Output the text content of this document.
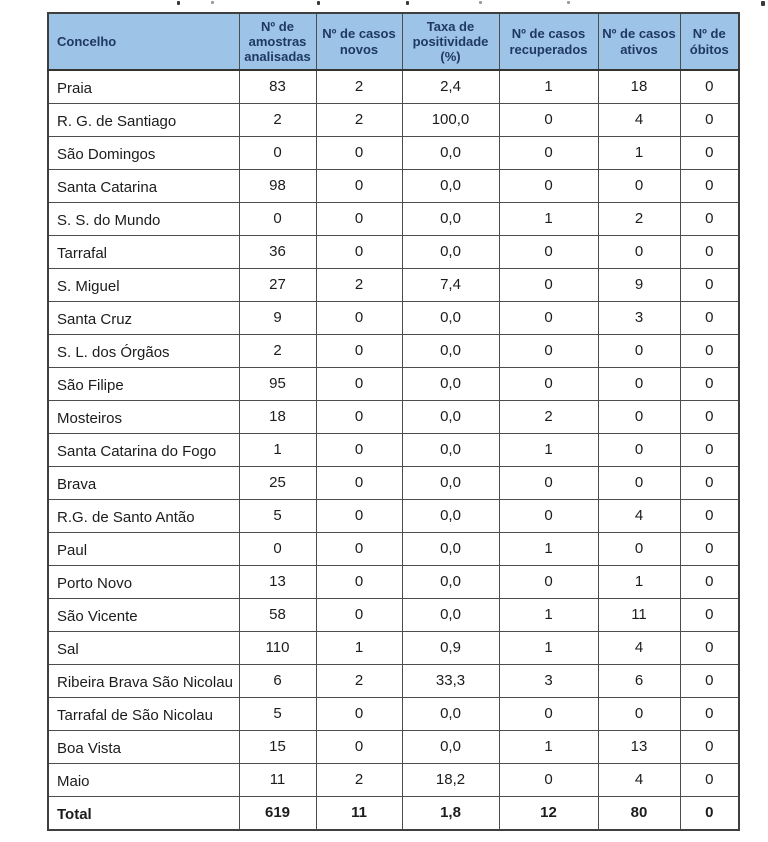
Concelho	Nº de amostras analisadas	Nº de casos novos	Taxa de positividade (%)	Nº de casos recuperados	Nº de casos ativos	Nº de óbitos
Praia	83	2	2,4	1	18	0
R. G. de Santiago	2	2	100,0	0	4	0
São Domingos	0	0	0,0	0	1	0
Santa Catarina	98	0	0,0	0	0	0
S. S. do Mundo	0	0	0,0	1	2	0
Tarrafal	36	0	0,0	0	0	0
S. Miguel	27	2	7,4	0	9	0
Santa Cruz	9	0	0,0	0	3	0
S. L. dos Órgãos	2	0	0,0	0	0	0
São Filipe	95	0	0,0	0	0	0
Mosteiros	18	0	0,0	2	0	0
Santa Catarina do Fogo	1	0	0,0	1	0	0
Brava	25	0	0,0	0	0	0
R.G. de Santo Antão	5	0	0,0	0	4	0
Paul	0	0	0,0	1	0	0
Porto Novo	13	0	0,0	0	1	0
São Vicente	58	0	0,0	1	11	0
Sal	110	1	0,9	1	4	0
Ribeira Brava São Nicolau	6	2	33,3	3	6	0
Tarrafal de São Nicolau	5	0	0,0	0	0	0
Boa Vista	15	0	0,0	1	13	0
Maio	11	2	18,2	0	4	0
Total	619	11	1,8	12	80	0
